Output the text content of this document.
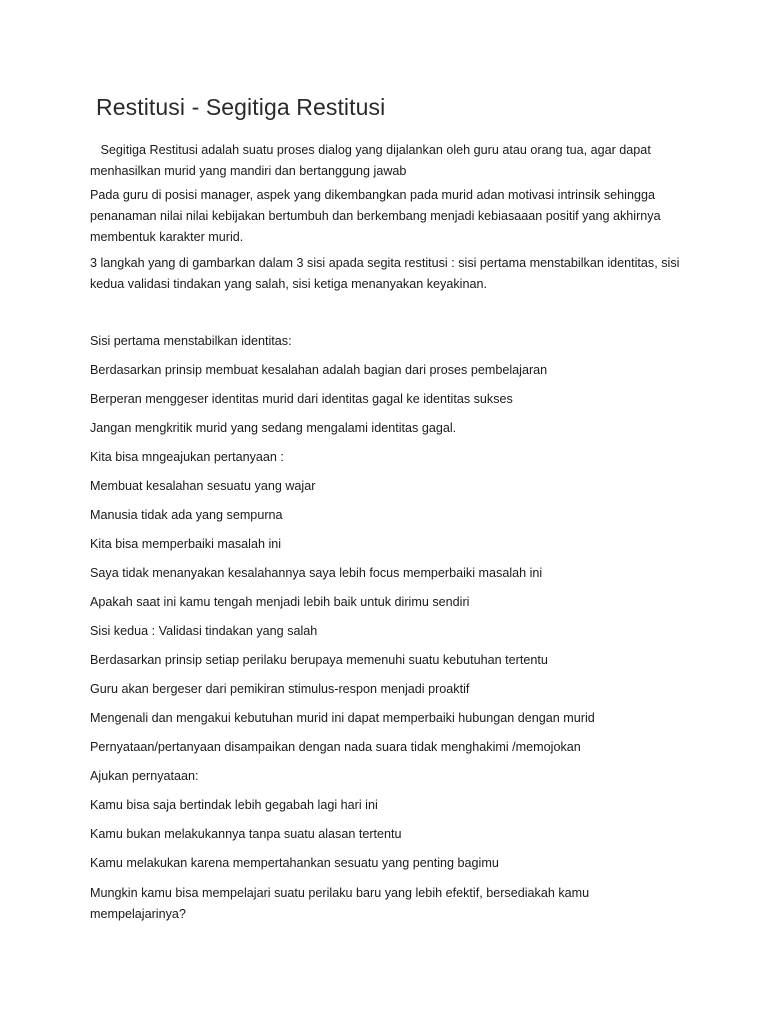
Restitusi - Segitiga Restitusi

Segitiga Restitusi adalah suatu proses dialog yang dijalankan oleh guru atau orang tua, agar dapat menhasilkan murid yang mandiri dan bertanggung jawab

Pada guru di posisi manager, aspek yang dikembangkan pada murid adan motivasi intrinsik sehingga penanaman nilai nilai kebijakan bertumbuh dan berkembang menjadi kebiasaaan positif yang akhirnya membentuk karakter murid.

3 langkah yang di gambarkan dalam 3 sisi apada segita restitusi : sisi pertama menstabilkan identitas, sisi kedua validasi tindakan yang salah, sisi ketiga menanyakan keyakinan.

Sisi pertama menstabilkan identitas:

Berdasarkan prinsip membuat kesalahan adalah bagian dari proses pembelajaran

Berperan menggeser identitas murid dari identitas gagal ke identitas sukses

Jangan mengkritik murid yang sedang mengalami identitas gagal.

Kita bisa mngeajukan pertanyaan :

Membuat kesalahan sesuatu yang wajar

Manusia tidak ada yang sempurna

Kita bisa memperbaiki masalah ini

Saya tidak menanyakan kesalahannya saya lebih focus memperbaiki masalah ini

Apakah saat ini kamu tengah menjadi lebih baik untuk dirimu sendiri

Sisi kedua : Validasi tindakan yang salah

Berdasarkan prinsip setiap perilaku berupaya memenuhi suatu kebutuhan tertentu

Guru akan bergeser dari pemikiran stimulus-respon menjadi proaktif

Mengenali dan mengakui kebutuhan murid ini dapat memperbaiki hubungan dengan murid

Pernyataan/pertanyaan disampaikan dengan nada suara tidak menghakimi /memojokan

Ajukan pernyataan:

Kamu bisa saja bertindak lebih gegabah lagi hari ini

Kamu bukan melakukannya tanpa suatu alasan tertentu

Kamu melakukan karena mempertahankan sesuatu yang penting bagimu

Mungkin kamu bisa mempelajari suatu perilaku baru yang lebih efektif, bersediakah kamu mempelajarinya?
